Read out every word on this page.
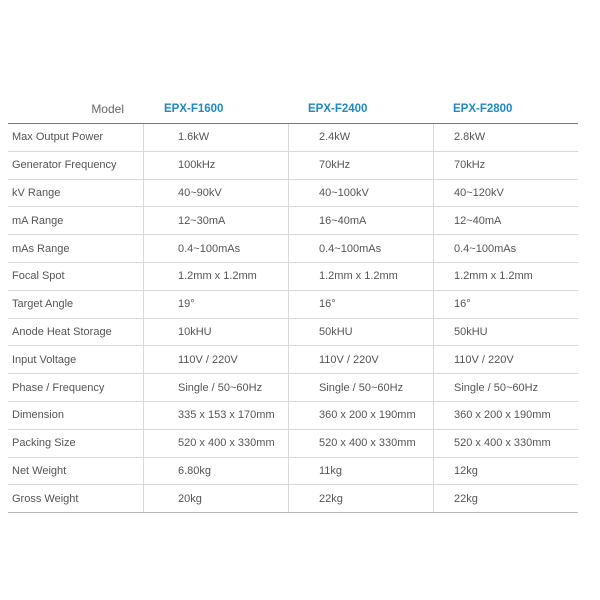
Model	EPX-F1600	EPX-F2400	EPX-F2800
Max Output Power	1.6kW	2.4kW	2.8kW
Generator Frequency	100kHz	70kHz	70kHz
kV Range	40~90kV	40~100kV	40~120kV
mA Range	12~30mA	16~40mA	12~40mA
mAs Range	0.4~100mAs	0.4~100mAs	0.4~100mAs
Focal Spot	1.2mm x 1.2mm	1.2mm x 1.2mm	1.2mm x 1.2mm
Target Angle	19°	16°	16°
Anode Heat Storage	10kHU	50kHU	50kHU
Input Voltage	110V / 220V	110V / 220V	110V / 220V
Phase / Frequency	Single / 50~60Hz	Single / 50~60Hz	Single / 50~60Hz
Dimension	335 x 153 x 170mm	360 x 200 x 190mm	360 x 200 x 190mm
Packing Size	520 x 400 x 330mm	520 x 400 x 330mm	520 x 400 x 330mm
Net Weight	6.80kg	11kg	12kg
Gross Weight	20kg	22kg	22kg
